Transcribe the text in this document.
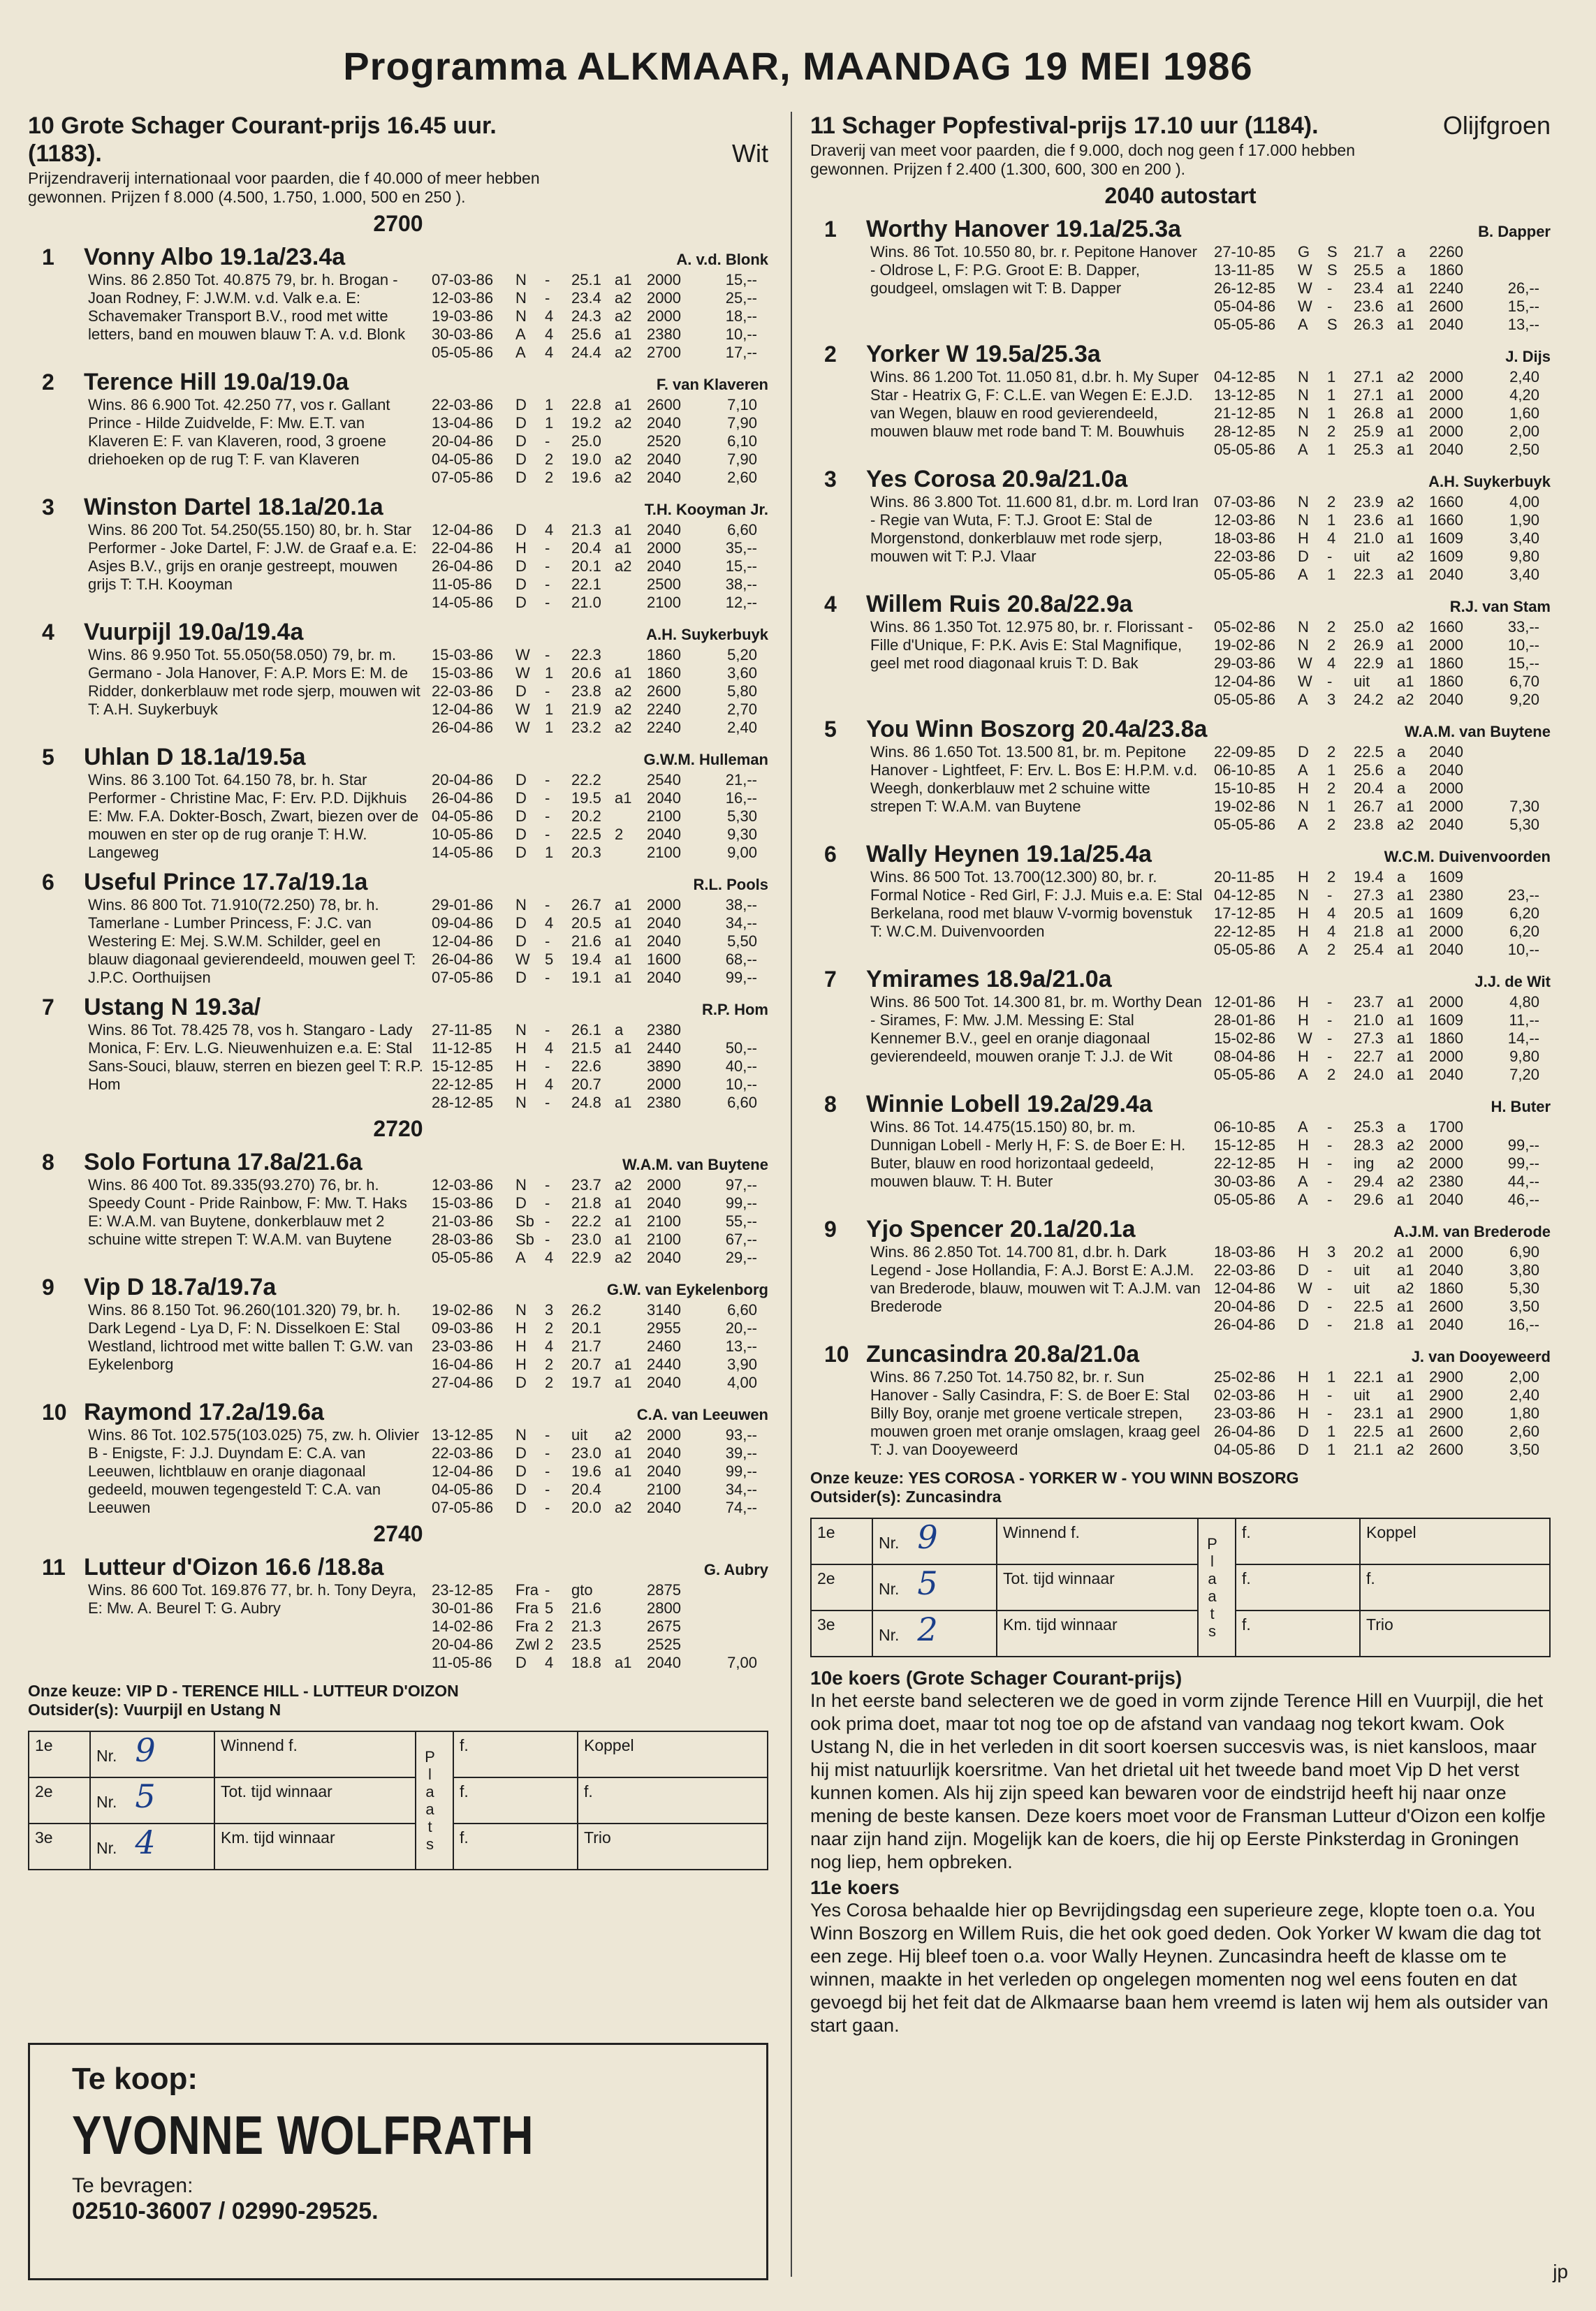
Programma ALKMAAR, MAANDAG 19 MEI 1986
10 Grote Schager Courant-prijs 16.45 uur.(1183).	Wit
Prijzendraverij internationaal voor paarden, die f 40.000 of meer hebben gewonnen. Prijzen f 8.000 (4.500, 1.750, 1.000, 500 en 250 ).
2700
1	Vonny Albo 19.1a/23.4a	A. v.d. Blonk
Wins. 86 2.850 Tot. 40.875 79, br. h. Brogan - Joan Rodney, F: J.W.M. v.d. Valk e.a. E: Schavemaker Transport B.V., rood met witte letters, band en mouwen blauw T: A. v.d. Blonk
07-03-86	N	-	25.1 a1 2000	15,--
12-03-86	N	-	23.4 a2 2000	25,--
19-03-86	N	4	24.3 a2 2000	18,--
30-03-86	A	4	25.6 a1 2380	10,--
05-05-86	A	4	24.4 a2 2700	17,--
2	Terence Hill 19.0a/19.0a	F. van Klaveren
Wins. 86 6.900 Tot. 42.250 77, vos r. Gallant Prince - Hilde Zuidvelde, F: Mw. E.T. van Klaveren E: F. van Klaveren, rood, 3 groene driehoeken op de rug T: F. van Klaveren
22-03-86	D	1	22.8 a1 2600	7,10
13-04-86	D	1	19.2 a2 2040	7,90
20-04-86	D	-	25.0	2520	6,10
04-05-86	D	2	19.0 a2 2040	7,90
07-05-86	D	2	19.6 a2 2040	2,60
3	Winston Dartel 18.1a/20.1a	T.H. Kooyman Jr.
Wins. 86 200 Tot. 54.250(55.150) 80, br. h. Star Performer - Joke Dartel, F: J.W. de Graaf e.a. E: Asjes B.V., grijs en oranje gestreept, mouwen grijs T: T.H. Kooyman
12-04-86	D	4	21.3 a1 2040	6,60
22-04-86	H	-	20.4 a1 2000	35,--
26-04-86	D	-	20.1 a2 2040	15,--
11-05-86	D	-	22.1	2500	38,--
14-05-86	D	-	21.0	2100	12,--
4	Vuurpijl 19.0a/19.4a	A.H. Suykerbuyk
Wins. 86 9.950 Tot. 55.050(58.050) 79, br. m. Germano - Jola Hanover, F: A.P. Mors E: M. de Ridder, donkerblauw met rode sjerp, mouwen wit T: A.H. Suykerbuyk
15-03-86	W -	22.3	1860	5,20
15-03-86	W 1	20.6 a1 1860	3,60
22-03-86	D	-	23.8 a2 2600	5,80
12-04-86	W 1	21.9 a2 2240	2,70
26-04-86	W 1	23.2 a2 2240	2,40
5	Uhlan D 18.1a/19.5a	G.W.M. Hulleman
Wins. 86 3.100 Tot. 64.150 78, br. h. Star Performer - Christine Mac, F: Erv. P.D. Dijkhuis E: Mw. F.A. Dokter-Bosch, Zwart, biezen over de mouwen en ster op de rug oranje T: H.W. Langeweg
20-04-86	D	-	22.2	2540	21,--
26-04-86	D	-	19.5 a1 2040	16,--
04-05-86	D	-	20.2	2100	5,30
10-05-86	D	-	22.5 2	2040	9,30
14-05-86	D	1	20.3	2100	9,00
6	Useful Prince 17.7a/19.1a	R.L. Pools
Wins. 86 800 Tot. 71.910(72.250) 78, br. h. Tamerlane - Lumber Princess, F: J.C. van Westering E: Mej. S.W.M. Schilder, geel en blauw diagonaal gevierendeeld, mouwen geel T: J.P.C. Oorthuijsen
29-01-86	N	-	26.7 a1 2000	38,--
09-04-86	D	4	20.5 a1 2040	34,--
12-04-86	D	-	21.6 a1 2040	5,50
26-04-86	W 5	19.4 a1 1600	68,--
07-05-86	D	-	19.1 a1 2040	99,--
7	Ustang N 19.3a/	R.P. Hom
Wins. 86 Tot. 78.425 78, vos h. Stangaro - Lady Monica, F: Erv. L.G. Nieuwenhuizen e.a. E: Stal Sans-Souci, blauw, sterren en biezen geel T: R.P. Hom
27-11-85	N	-	26.1 a	2380
11-12-85	H	4	21.5 a1 2440	50,--
15-12-85	H	-	22.6	3890	40,--
22-12-85	H	4	20.7	2000	10,--
28-12-85	N	-	24.8 a1 2380	6,60
2720
8	Solo Fortuna 17.8a/21.6a	W.A.M. van Buytene
Wins. 86 400 Tot. 89.335(93.270) 76, br. h. Speedy Count - Pride Rainbow, F: Mw. T. Haks E: W.A.M. van Buytene, donkerblauw met 2 schuine witte strepen T: W.A.M. van Buytene
12-03-86	N	-	23.7 a2 2000	97,--
15-03-86	D	-	21.8 a1 2040	99,--
21-03-86	Sb -	22.2 a1 2100	55,--
28-03-86	Sb -	23.0 a1 2100	67,--
05-05-86	A	4	22.9 a2 2040	29,--
9	Vip D 18.7a/19.7a	G.W. van Eykelenborg
Wins. 86 8.150 Tot. 96.260(101.320) 79, br. h. Dark Legend - Lya D, F: N. Disselkoen E: Stal Westland, lichtrood met witte ballen T: G.W. van Eykelenborg
19-02-86	N	3	26.2	3140	6,60
09-03-86	H	2	20.1	2955	20,--
23-03-86	H	4	21.7	2460	13,--
16-04-86	H	2	20.7 a1 2440	3,90
27-04-86	D	2	19.7 a1 2040	4,00
10 Raymond 17.2a/19.6a	C.A. van Leeuwen
Wins. 86 Tot. 102.575(103.025) 75, zw. h. Olivier B - Enigste, F: J.J. Duyndam E: C.A. van Leeuwen, lichtblauw en oranje diagonaal gedeeld, mouwen tegengesteld T: C.A. van Leeuwen
13-12-85	N	-	uit	a2 2000	93,--
22-03-86	D	-	23.0 a1 2040	39,--
12-04-86	D	-	19.6 a1 2040	99,--
04-05-86	D	-	20.4	2100	34,--
07-05-86	D	-	20.0 a2 2040	74,--
2740
11 Lutteur d'Oizon 16.6 /18.8a	G. Aubry
Wins. 86 600 Tot. 169.876 77, br. h. Tony Deyra, E: Mw. A. Beurel T: G. Aubry
23-12-85	Fra -	gto	2875
30-01-86	Fra 5	21.6	2800
14-02-86	Fra 2	21.3	2675
20-04-86	Zwl 2	23.5	2525
11-05-86	D	4	18.8 a1 2040	7,00
Onze keuze: VIP D - TERENCE HILL - LUTTEUR D'OIZON
Outsider(s): Vuurpijl en Ustang N
1e	Nr. 9	Winnend f.	Plaats	f.	Koppel
2e	Nr. 5	Tot. tijd winnaar		f.	f.
3e	Nr. 4	Km. tijd winnaar		f.	Trio
Te koop:
YVONNE WOLFRATH
Te bevragen:
02510-36007 / 02990-29525.
11 Schager Popfestival-prijs 17.10 uur (1184).	Olijfgroen
Draverij van meet voor paarden, die f 9.000, doch nog geen f 17.000 hebben gewonnen. Prijzen f 2.400 (1.300, 600, 300 en 200 ).
2040 autostart
1	Worthy Hanover 19.1a/25.3a	B. Dapper
Wins. 86 Tot. 10.550 80, br. r. Pepitone Hanover - Oldrose L, F: P.G. Groot E: B. Dapper, goudgeel, omslagen wit T: B. Dapper
27-10-85	G	S	21.7 a	2260
13-11-85	W S	25.5 a	1860
26-12-85	W -	23.4 a1 2240	26,--
05-04-86	W -	23.6 a1 2600	15,--
05-05-86	A	S	26.3 a1 2040	13,--
2	Yorker W 19.5a/25.3a	J. Dijs
Wins. 86 1.200 Tot. 11.050 81, d.br. h. My Super Star - Heatrix G, F: C.L.E. van Wegen E: E.J.D. van Wegen, blauw en rood gevierendeeld, mouwen blauw met rode band T: M. Bouwhuis
04-12-85	N	1	27.1 a2 2000	2,40
13-12-85	N	1	27.1 a1 2000	4,20
21-12-85	N	1	26.8 a1 2000	1,60
28-12-85	N	2	25.9 a1 2000	2,00
05-05-86	A	1	25.3 a1 2040	2,50
3	Yes Corosa 20.9a/21.0a	A.H. Suykerbuyk
Wins. 86 3.800 Tot. 11.600 81, d.br. m. Lord Iran - Regie van Wuta, F: T.J. Groot E: Stal de Morgenstond, donkerblauw met rode sjerp, mouwen wit T: P.J. Vlaar
07-03-86	N	2	23.9 a2 1660	4,00
12-03-86	N	1	23.6 a1 1660	1,90
18-03-86	H	4	21.0 a1 1609	3,40
22-03-86	D	-	uit	a2 1609	9,80
05-05-86	A	1	22.3 a1 2040	3,40
4	Willem Ruis 20.8a/22.9a	R.J. van Stam
Wins. 86 1.350 Tot. 12.975 80, br. r. Florissant - Fille d'Unique, F: P.K. Avis E: Stal Magnifique, geel met rood diagonaal kruis T: D. Bak
05-02-86	N	2	25.0 a2 1660	33,--
19-02-86	N	2	26.9 a1 2000	10,--
29-03-86	W 4	22.9 a1 1860	15,--
12-04-86	W -	uit	a1 1860	6,70
05-05-86	A	3	24.2 a2 2040	9,20
5	You Winn Boszorg 20.4a/23.8a	W.A.M. van Buytene
Wins. 86 1.650 Tot. 13.500 81, br. m. Pepitone Hanover - Lightfeet, F: Erv. L. Bos E: H.P.M. v.d. Weegh, donkerblauw met 2 schuine witte strepen T: W.A.M. van Buytene
22-09-85	D	2	22.5 a	2040
06-10-85	A	1	25.6 a	2040
15-10-85	H	2	20.4 a	2000
19-02-86	N	1	26.7 a1 2000	7,30
05-05-86	A	2	23.8 a2 2040	5,30
6	Wally Heynen 19.1a/25.4a	W.C.M. Duivenvoorden
Wins. 86 500 Tot. 13.700(12.300) 80, br. r. Formal Notice - Red Girl, F: J.J. Muis e.a. E: Stal Berkelana, rood met blauw V-vormig bovenstuk T: W.C.M. Duivenvoorden
20-11-85	H	2	19.4 a	1609
04-12-85	N	-	27.3 a1 2380	23,--
17-12-85	H	4	20.5 a1 1609	6,20
22-12-85	H	4	21.8 a1 2000	6,20
05-05-86	A	2	25.4 a1 2040	10,--
7	Ymirames 18.9a/21.0a	J.J. de Wit
Wins. 86 500 Tot. 14.300 81, br. m. Worthy Dean - Sirames, F: Mw. J.M. Messing E: Stal Kennemer B.V., geel en oranje diagonaal gevierendeeld, mouwen oranje T: J.J. de Wit
12-01-86	H	-	23.7 a1 2000	4,80
28-01-86	H	-	21.0 a1 1609	11,--
15-02-86	W -	27.3 a1 1860	14,--
08-04-86	H	-	22.7 a1 2000	9,80
05-05-86	A	2	24.0 a1 2040	7,20
8	Winnie Lobell 19.2a/29.4a	H. Buter
Wins. 86 Tot. 14.475(15.150) 80, br. m. Dunnigan Lobell - Merly H, F: S. de Boer E: H. Buter, blauw en rood horizontaal gedeeld, mouwen blauw. T: H. Buter
06-10-85	A	-	25.3 a	1700
15-12-85	H	-	28.3 a2 2000	99,--
22-12-85	H	-	ing	a2 2000	99,--
30-03-86	A	-	29.4 a2 2380	44,--
05-05-86	A	-	29.6 a1 2040	46,--
9	Yjo Spencer 20.1a/20.1a	A.J.M. van Brederode
Wins. 86 2.850 Tot. 14.700 81, d.br. h. Dark Legend - Jose Hollandia, F: A.J. Borst E: A.J.M. van Brederode, blauw, mouwen wit T: A.J.M. van Brederode
18-03-86	H	3	20.2 a1 2000	6,90
22-03-86	D	-	uit	a1 2040	3,80
12-04-86	W -	uit	a2 1860	5,30
20-04-86	D	-	22.5 a1 2600	3,50
26-04-86	D	-	21.8 a1 2040	16,--
10 Zuncasindra 20.8a/21.0a	J. van Dooyeweerd
Wins. 86 7.250 Tot. 14.750 82, br. r. Sun Hanover - Sally Casindra, F: S. de Boer E: Stal Billy Boy, oranje met groene verticale strepen, mouwen groen met oranje omslagen, kraag geel T: J. van Dooyeweerd
25-02-86	H	1	22.1 a1 2900	2,00
02-03-86	H	-	uit	a1 2900	2,40
23-03-86	H	-	23.1 a1 2900	1,80
26-04-86	D	1	22.5 a1 2600	2,60
04-05-86	D	1	21.1 a2 2600	3,50
Onze keuze: YES COROSA - YORKER W - YOU WINN BOSZORG
Outsider(s): Zuncasindra
1e	Nr. 9	Winnend f.	Plaats	f.	Koppel
2e	Nr. 5	Tot. tijd winnaar		f.	f.
3e	Nr. 2	Km. tijd winnaar		f.	Trio
10e koers (Grote Schager Courant-prijs)
In het eerste band selecteren we de goed in vorm zijnde Terence Hill en Vuurpijl, die het ook prima doet, maar tot nog toe op de afstand van vandaag nog tekort kwam. Ook Ustang N, die in het verleden in dit soort koersen succesvis was, is niet kansloos, maar hij mist natuurlijk koersritme. Van het drietal uit het tweede band moet Vip D het verst kunnen komen. Als hij zijn speed kan bewaren voor de eindstrijd heeft hij naar onze mening de beste kansen. Deze koers moet voor de Fransman Lutteur d'Oizon een kolfje naar zijn hand zijn. Mogelijk kan de koers, die hij op Eerste Pinksterdag in Groningen nog liep, hem opbreken.
11e koers
Yes Corosa behaalde hier op Bevrijdingsdag een superieure zege, klopte toen o.a. You Winn Boszorg en Willem Ruis, die het ook goed deden. Ook Yorker W kwam die dag tot een zege. Hij bleef toen o.a. voor Wally Heynen. Zuncasindra heeft de klasse om te winnen, maakte in het verleden op ongelegen momenten nog wel eens fouten en dat gevoegd bij het feit dat de Alkmaarse baan hem vreemd is laten wij hem als outsider van start gaan.
jp
